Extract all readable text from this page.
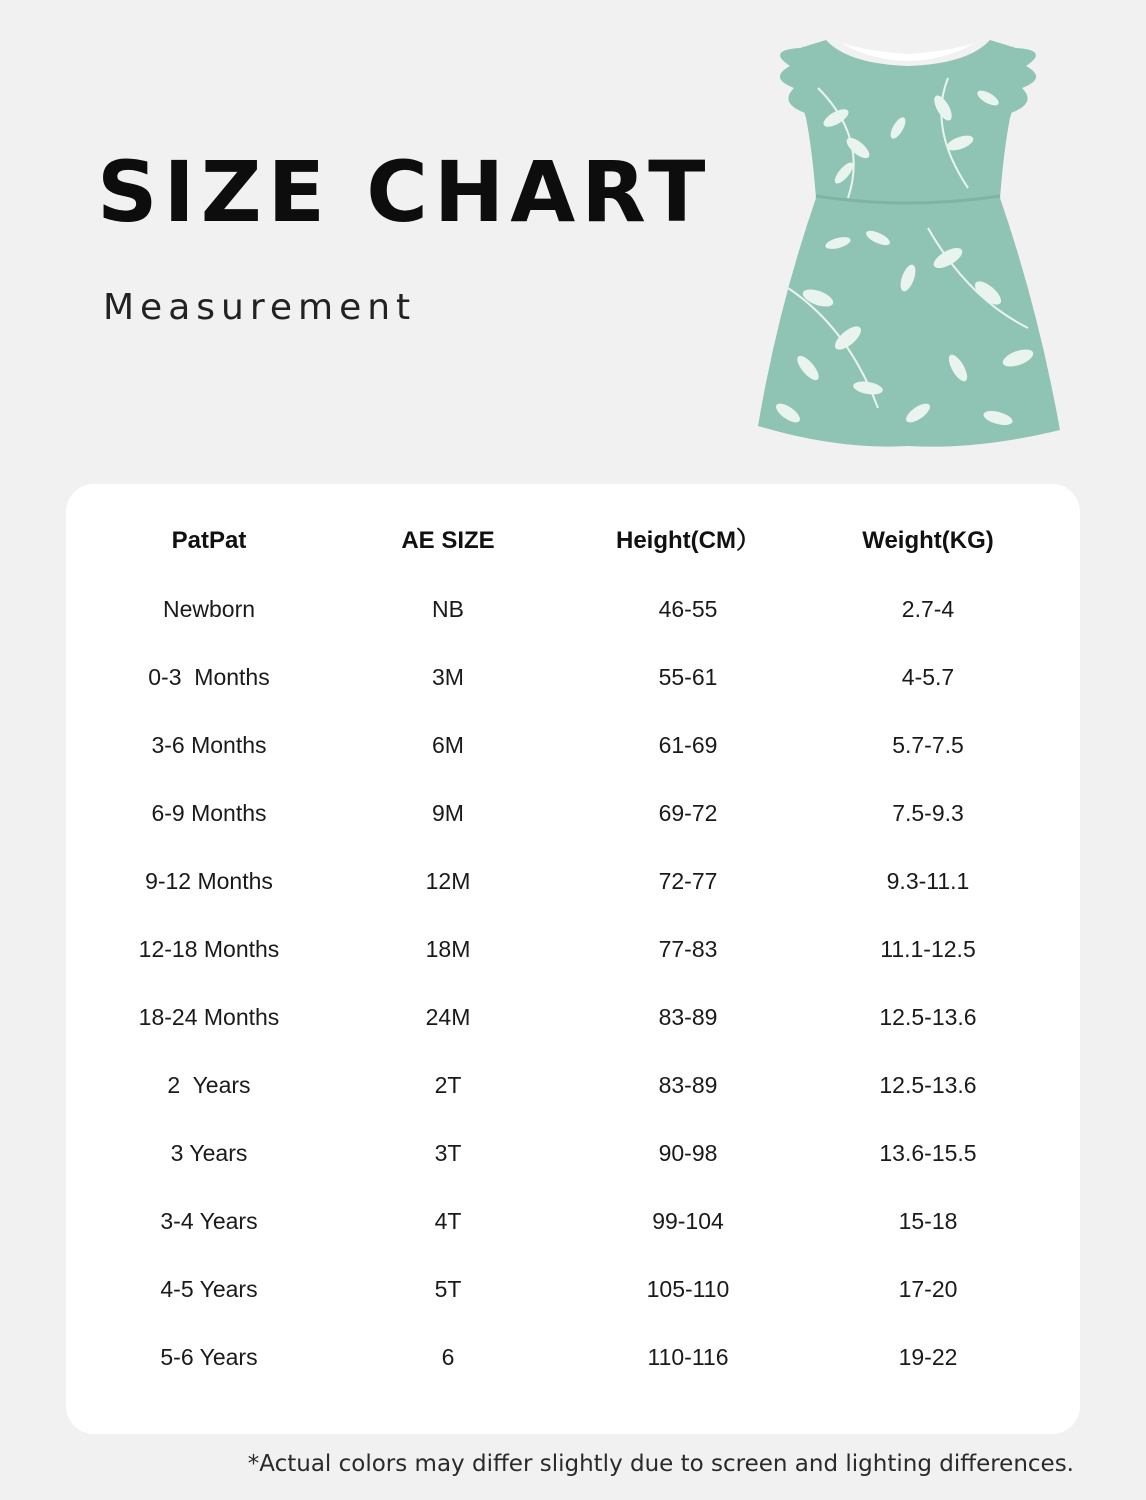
SIZE CHART
Measurement
PatPat	AE SIZE	Height(CM）	Weight(KG)
Newborn	NB	46-55	2.7-4
0-3  Months	3M	55-61	4-5.7
3-6 Months	6M	61-69	5.7-7.5
6-9 Months	9M	69-72	7.5-9.3
9-12 Months	12M	72-77	9.3-11.1
12-18 Months	18M	77-83	11.1-12.5
18-24 Months	24M	83-89	12.5-13.6
2  Years	2T	83-89	12.5-13.6
3 Years	3T	90-98	13.6-15.5
3-4 Years	4T	99-104	15-18
4-5 Years	5T	105-110	17-20
5-6 Years	6	110-116	19-22
*Actual colors may differ slightly due to screen and lighting differences.
